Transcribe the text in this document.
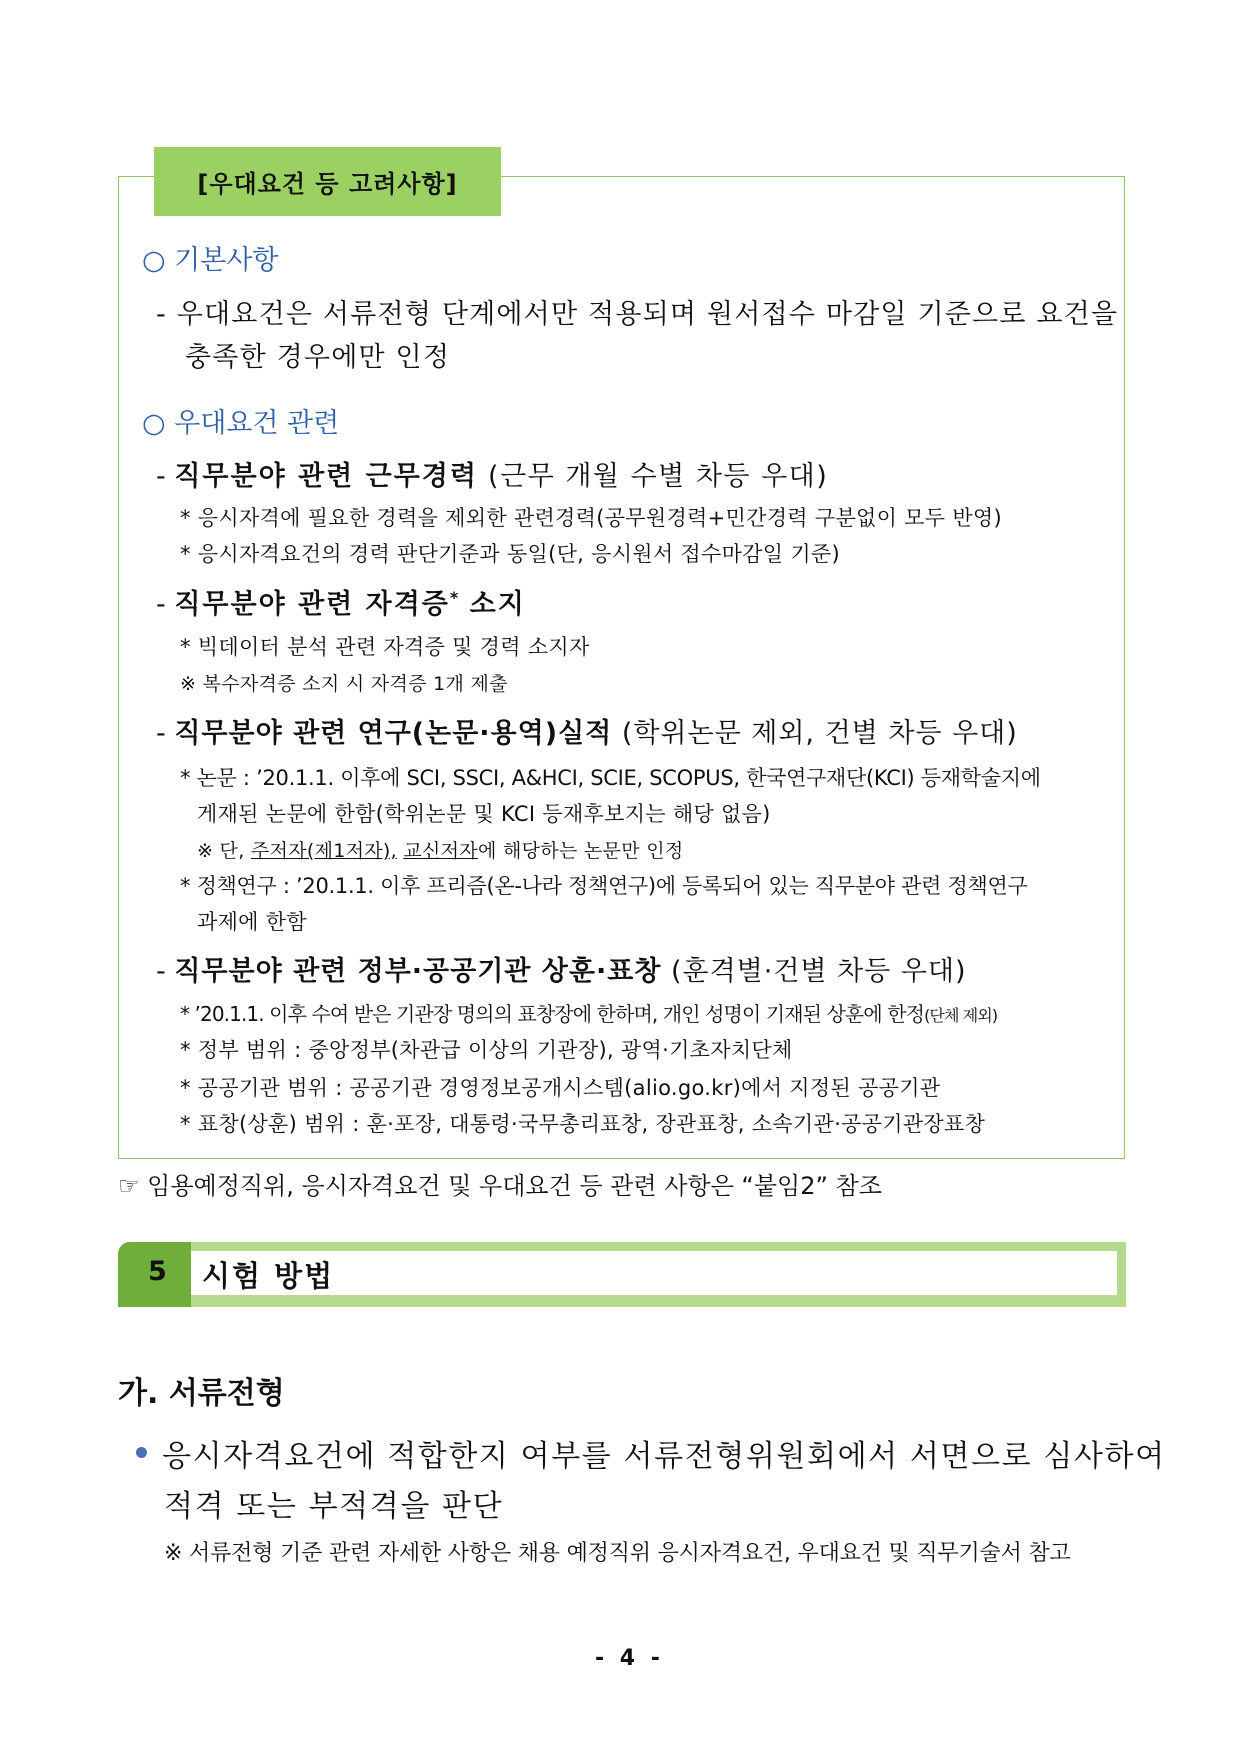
[우대요건 등 고려사항]
○ 기본사항
- 우대요건은 서류전형 단계에서만 적용되며 원서접수 마감일 기준으로 요건을
충족한 경우에만 인정
○ 우대요건 관련
- 직무분야 관련 근무경력 (근무 개월 수별 차등 우대)
* 응시자격에 필요한 경력을 제외한 관련경력(공무원경력+민간경력 구분없이 모두 반영)
* 응시자격요건의 경력 판단기준과 동일(단, 응시원서 접수마감일 기준)
- 직무분야 관련 자격증* 소지
* 빅데이터 분석 관련 자격증 및 경력 소지자
※ 복수자격증 소지 시 자격증 1개 제출
- 직무분야 관련 연구(논문·용역)실적 (학위논문 제외, 건별 차등 우대)
* 논문 : ’20.1.1. 이후에 SCI, SSCI, A&HCI, SCIE, SCOPUS, 한국연구재단(KCI) 등재학술지에
게재된 논문에 한함(학위논문 및 KCI 등재후보지는 해당 없음)
※ 단, 주저자(제1저자), 교신저자에 해당하는 논문만 인정
* 정책연구 : ’20.1.1. 이후 프리즘(온-나라 정책연구)에 등록되어 있는 직무분야 관련 정책연구
과제에 한함
- 직무분야 관련 정부·공공기관 상훈·표창 (훈격별·건별 차등 우대)
* ’20.1.1. 이후 수여 받은 기관장 명의의 표창장에 한하며, 개인 성명이 기재된 상훈에 한정(단체 제외)
* 정부 범위 : 중앙정부(차관급 이상의 기관장), 광역·기초자치단체
* 공공기관 범위 : 공공기관 경영정보공개시스템(alio.go.kr)에서 지정된 공공기관
* 표창(상훈) 범위 : 훈·포장, 대통령·국무총리표창, 장관표창, 소속기관·공공기관장표창
☞ 임용예정직위, 응시자격요건 및 우대요건 등 관련 사항은 “붙임2” 참조
5 시험 방법
가. 서류전형
응시자격요건에 적합한지 여부를 서류전형위원회에서 서면으로 심사하여
적격 또는 부적격을 판단
※ 서류전형 기준 관련 자세한 사항은 채용 예정직위 응시자격요건, 우대요건 및 직무기술서 참고
- 4 -
